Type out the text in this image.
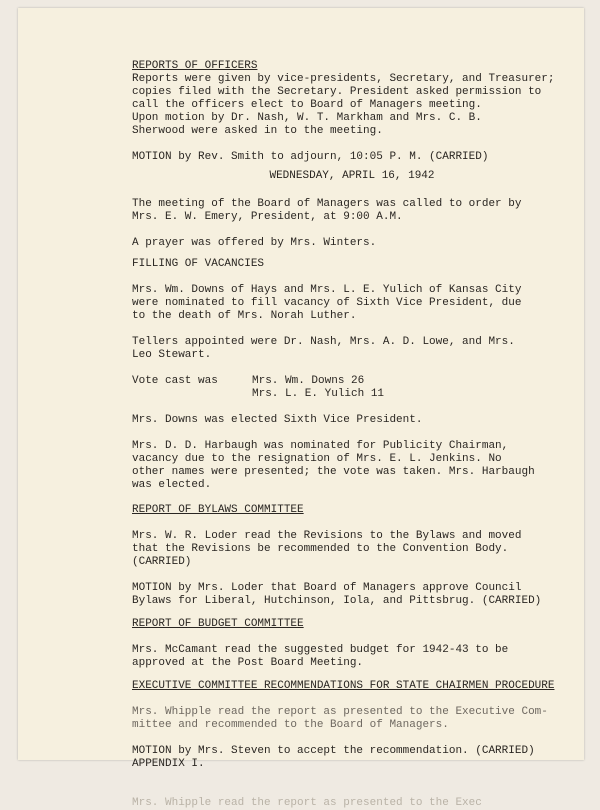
REPORTS OF OFFICERS

Reports were given by vice-presidents, Secretary, and Treasurer;

copies filed with the Secretary. President asked permission to

call the officers elect to Board of Managers meeting.

Upon motion by Dr. Nash, W. T. Markham and Mrs. C. B.

Sherwood were asked in to the meeting.

MOTION by Rev. Smith to adjourn, 10:05 P. M. (CARRIED)

WEDNESDAY, APRIL 16, 1942

The meeting of the Board of Managers was called to order by

Mrs. E. W. Emery, President, at 9:00 A.M.

A prayer was offered by Mrs. Winters.

FILLING OF VACANCIES

Mrs. Wm. Downs of Hays and Mrs. L. E. Yulich of Kansas City

were nominated to fill vacancy of Sixth Vice President, due

to the death of Mrs. Norah Luther.

Tellers appointed were Dr. Nash, Mrs. A. D. Lowe, and Mrs.

Leo Stewart.

Vote cast was	Mrs. Wm. Downs 26

Mrs. L. E. Yulich 11

Mrs. Downs was elected Sixth Vice President.

Mrs. D. D. Harbaugh was nominated for Publicity Chairman,

vacancy due to the resignation of Mrs. E. L. Jenkins. No

other names were presented; the vote was taken. Mrs. Harbaugh

was elected.

REPORT OF BYLAWS COMMITTEE

Mrs. W. R. Loder read the Revisions to the Bylaws and moved

that the Revisions be recommended to the Convention Body.

(CARRIED)

MOTION by Mrs. Loder that Board of Managers approve Council

Bylaws for Liberal, Hutchinson, Iola, and Pittsbrug. (CARRIED)

REPORT OF BUDGET COMMITTEE

Mrs. McCamant read the suggested budget for 1942-43 to be

approved at the Post Board Meeting.

EXECUTIVE COMMITTEE RECOMMENDATIONS FOR STATE CHAIRMEN PROCEDURE

Mrs. Whipple read the report as presented to the Executive Com-

mittee and recommended to the Board of Managers.

MOTION by Mrs. Steven to accept the recommendation. (CARRIED)

APPENDIX I.

Mrs. Whipple read the report as presented to the Exec
